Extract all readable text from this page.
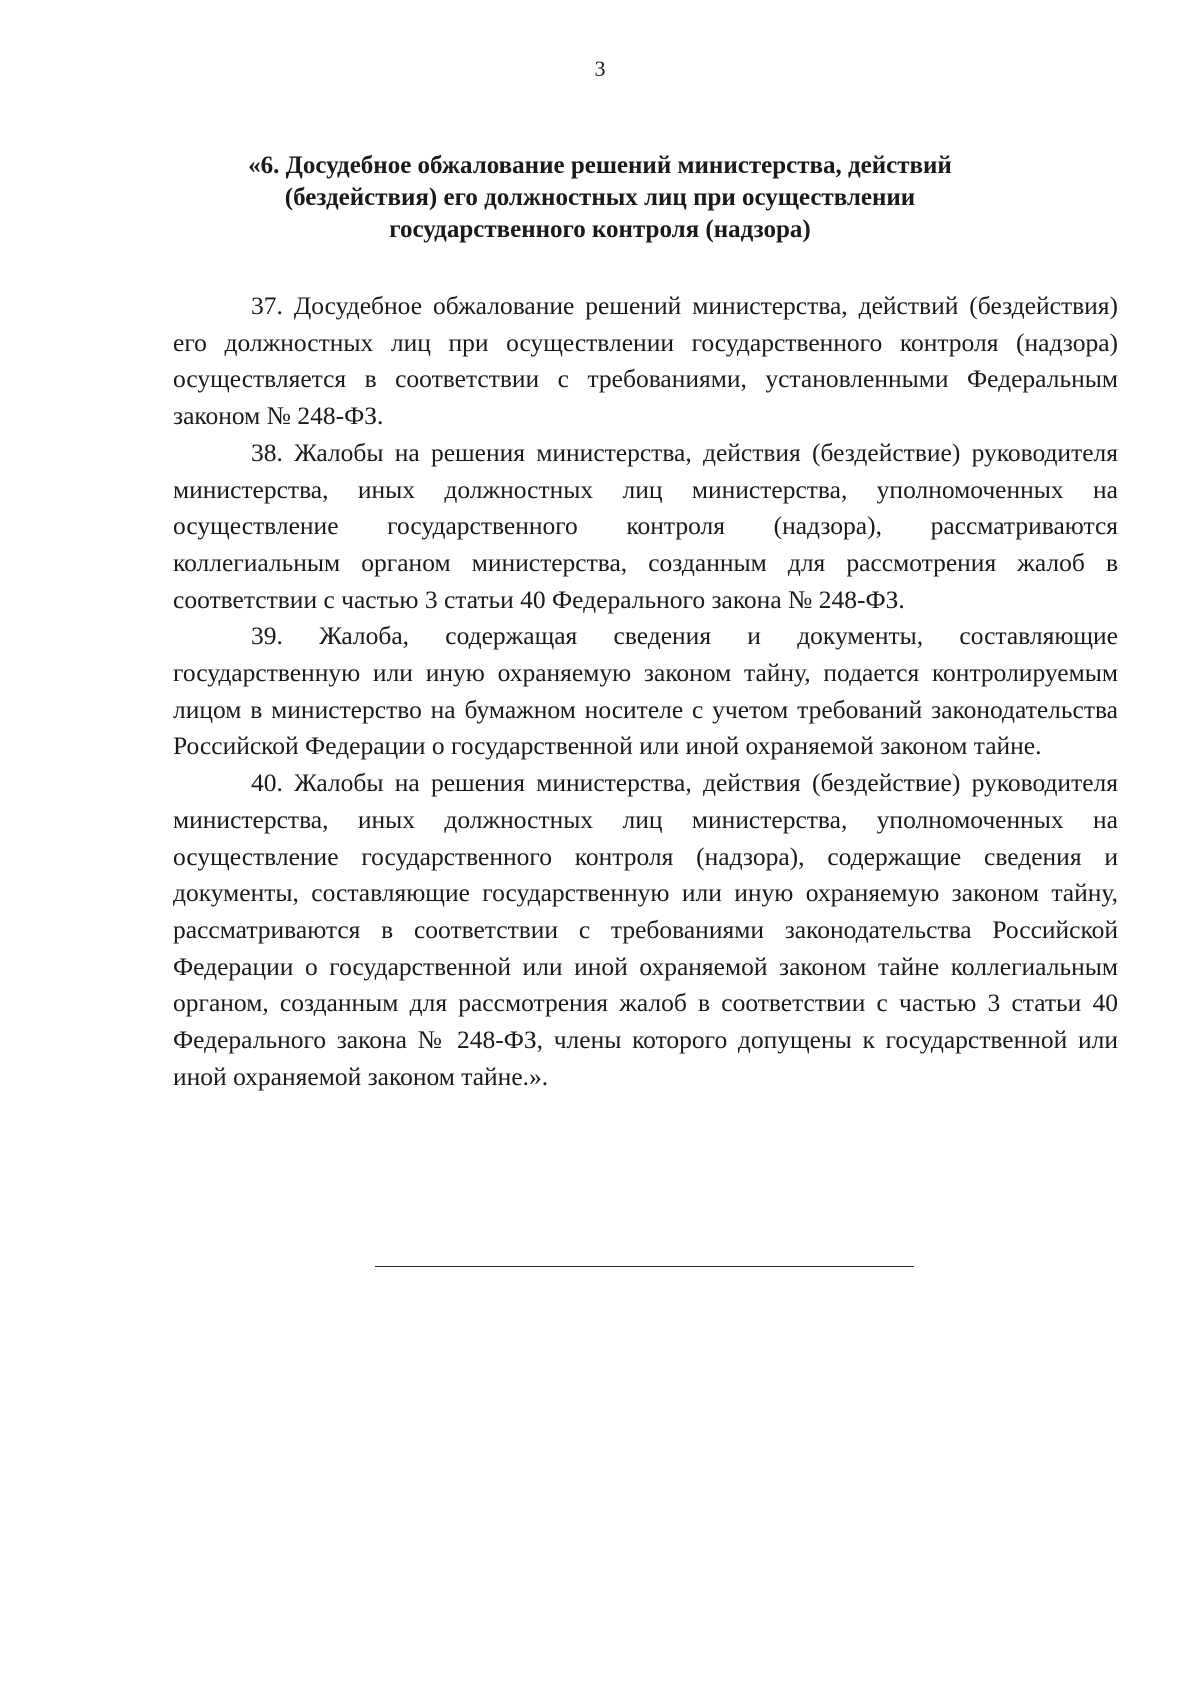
3
«6. Досудебное обжалование решений министерства, действий
(бездействия) его должностных лиц при осуществлении
государственного контроля (надзора)

37. Досудебное обжалование решений министерства, действий (бездействия) его должностных лиц при осуществлении государственного контроля (надзора) осуществляется в соответствии с требованиями, установленными Федеральным законом № 248-ФЗ.

38. Жалобы на решения министерства, действия (бездействие) руководителя министерства, иных должностных лиц министерства, уполномоченных на осуществление государственного контроля (надзора), рассматриваются коллегиальным органом министерства, созданным для рассмотрения жалоб в соответствии с частью 3 статьи 40 Федерального закона № 248-ФЗ.

39. Жалоба, содержащая сведения и документы, составляющие государственную или иную охраняемую законом тайну, подается контролируемым лицом в министерство на бумажном носителе с учетом требований законодательства Российской Федерации о государственной или иной охраняемой законом тайне.

40. Жалобы на решения министерства, действия (бездействие) руководителя министерства, иных должностных лиц министерства, уполномоченных на осуществление государственного контроля (надзора), содержащие сведения и документы, составляющие государственную или иную охраняемую законом тайну, рассматриваются в соответствии с требованиями законодательства Российской Федерации о государственной или иной охраняемой законом тайне коллегиальным органом, созданным для рассмотрения жалоб в соответствии с частью 3 статьи 40 Федерального закона № 248-ФЗ, члены которого допущены к государственной или иной охраняемой законом тайне.».
